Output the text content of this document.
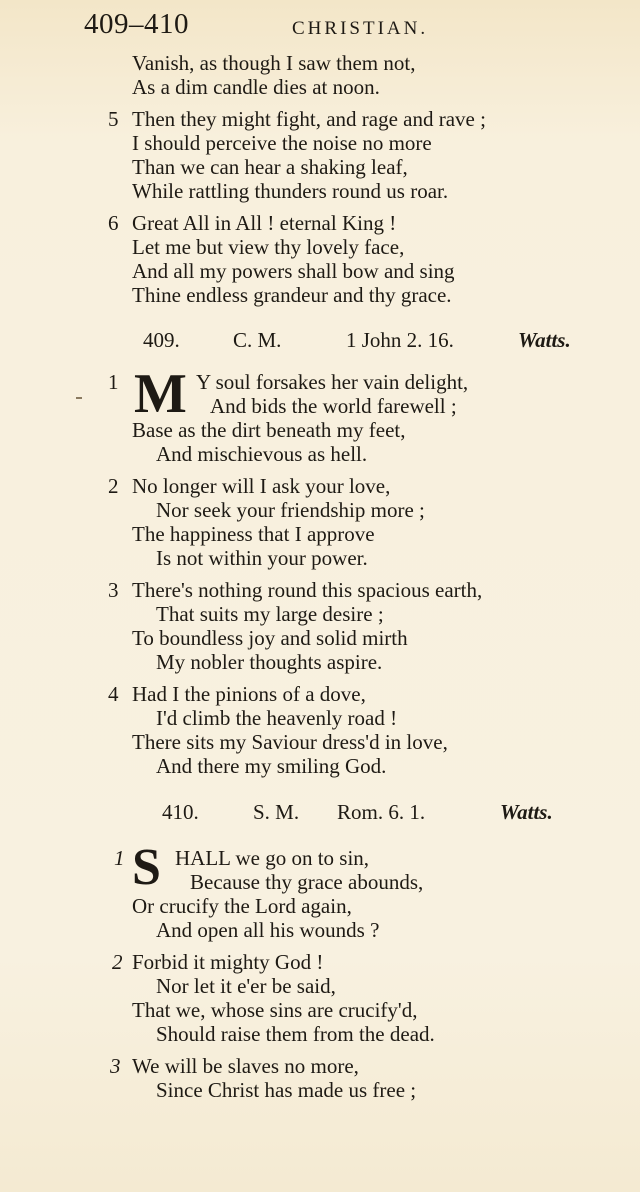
409–410	CHRISTIAN.
Vanish, as though I saw them not,
As a dim candle dies at noon.
5 Then they might fight, and rage and rave ;
I should perceive the noise no more
Than we can hear a shaking leaf,
While rattling thunders round us roar.
6 Great All in All ! eternal King !
Let me but view thy lovely face,
And all my powers shall bow and sing
Thine endless grandeur and thy grace.
409.	C. M.	1 John 2. 16.	Watts.
1 M Y soul forsakes her vain delight,
And bids the world farewell ;
Base as the dirt beneath my feet,
And mischievous as hell.
2 No longer will I ask your love,
Nor seek your friendship more ;
The happiness that I approve
Is not within your power.
3 There's nothing round this spacious earth,
That suits my large desire ;
To boundless joy and solid mirth
My nobler thoughts aspire.
4 Had I the pinions of a dove,
I'd climb the heavenly road !
There sits my Saviour dress'd in love,
And there my smiling God.
410.	S. M. Rom. 6. 1.	Watts.
1 S HALL we go on to sin,
Because thy grace abounds,
Or crucify the Lord again,
And open all his wounds ?
2 Forbid it mighty God !
Nor let it e'er be said,
That we, whose sins are crucify'd,
Should raise them from the dead.
3 We will be slaves no more,
Since Christ has made us free ;
